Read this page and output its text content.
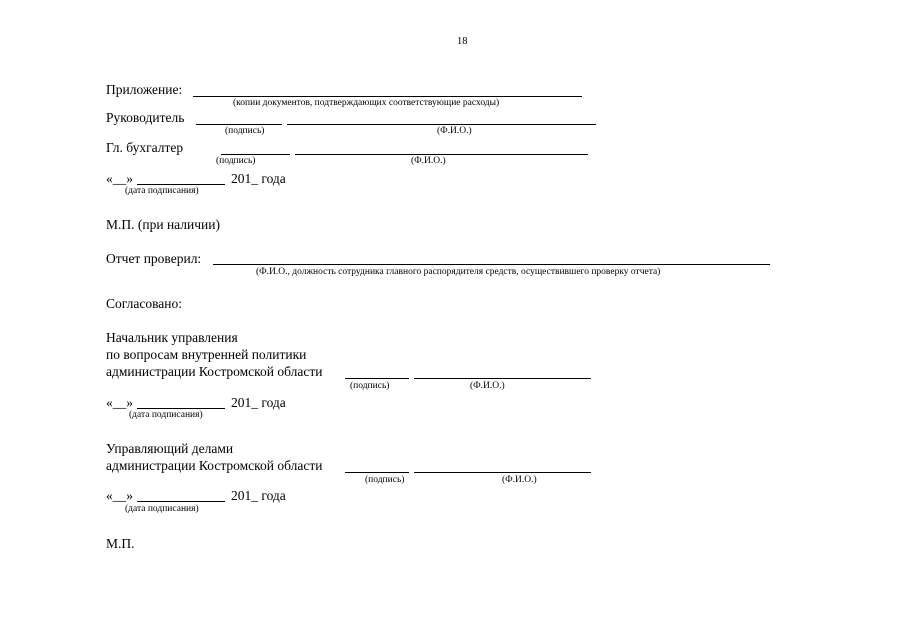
18
Приложение:
(копии документов, подтверждающих соответствующие расходы)
Руководитель
(подпись)	(Ф.И.О.)
Гл. бухгалтер
(подпись)	(Ф.И.О.)
«__»	201_ года
(дата подписания)
М.П. (при наличии)
Отчет проверил:
(Ф.И.О., должность сотрудника главного распорядителя средств, осуществившего проверку отчета)
Согласовано:
Начальник управления
по вопросам внутренней политики
администрации Костромской области
(подпись)	(Ф.И.О.)
«__»	201_ года
(дата подписания)
Управляющий делами
администрации Костромской области
(подпись)	(Ф.И.О.)
«__»	201_ года
(дата подписания)
М.П.
